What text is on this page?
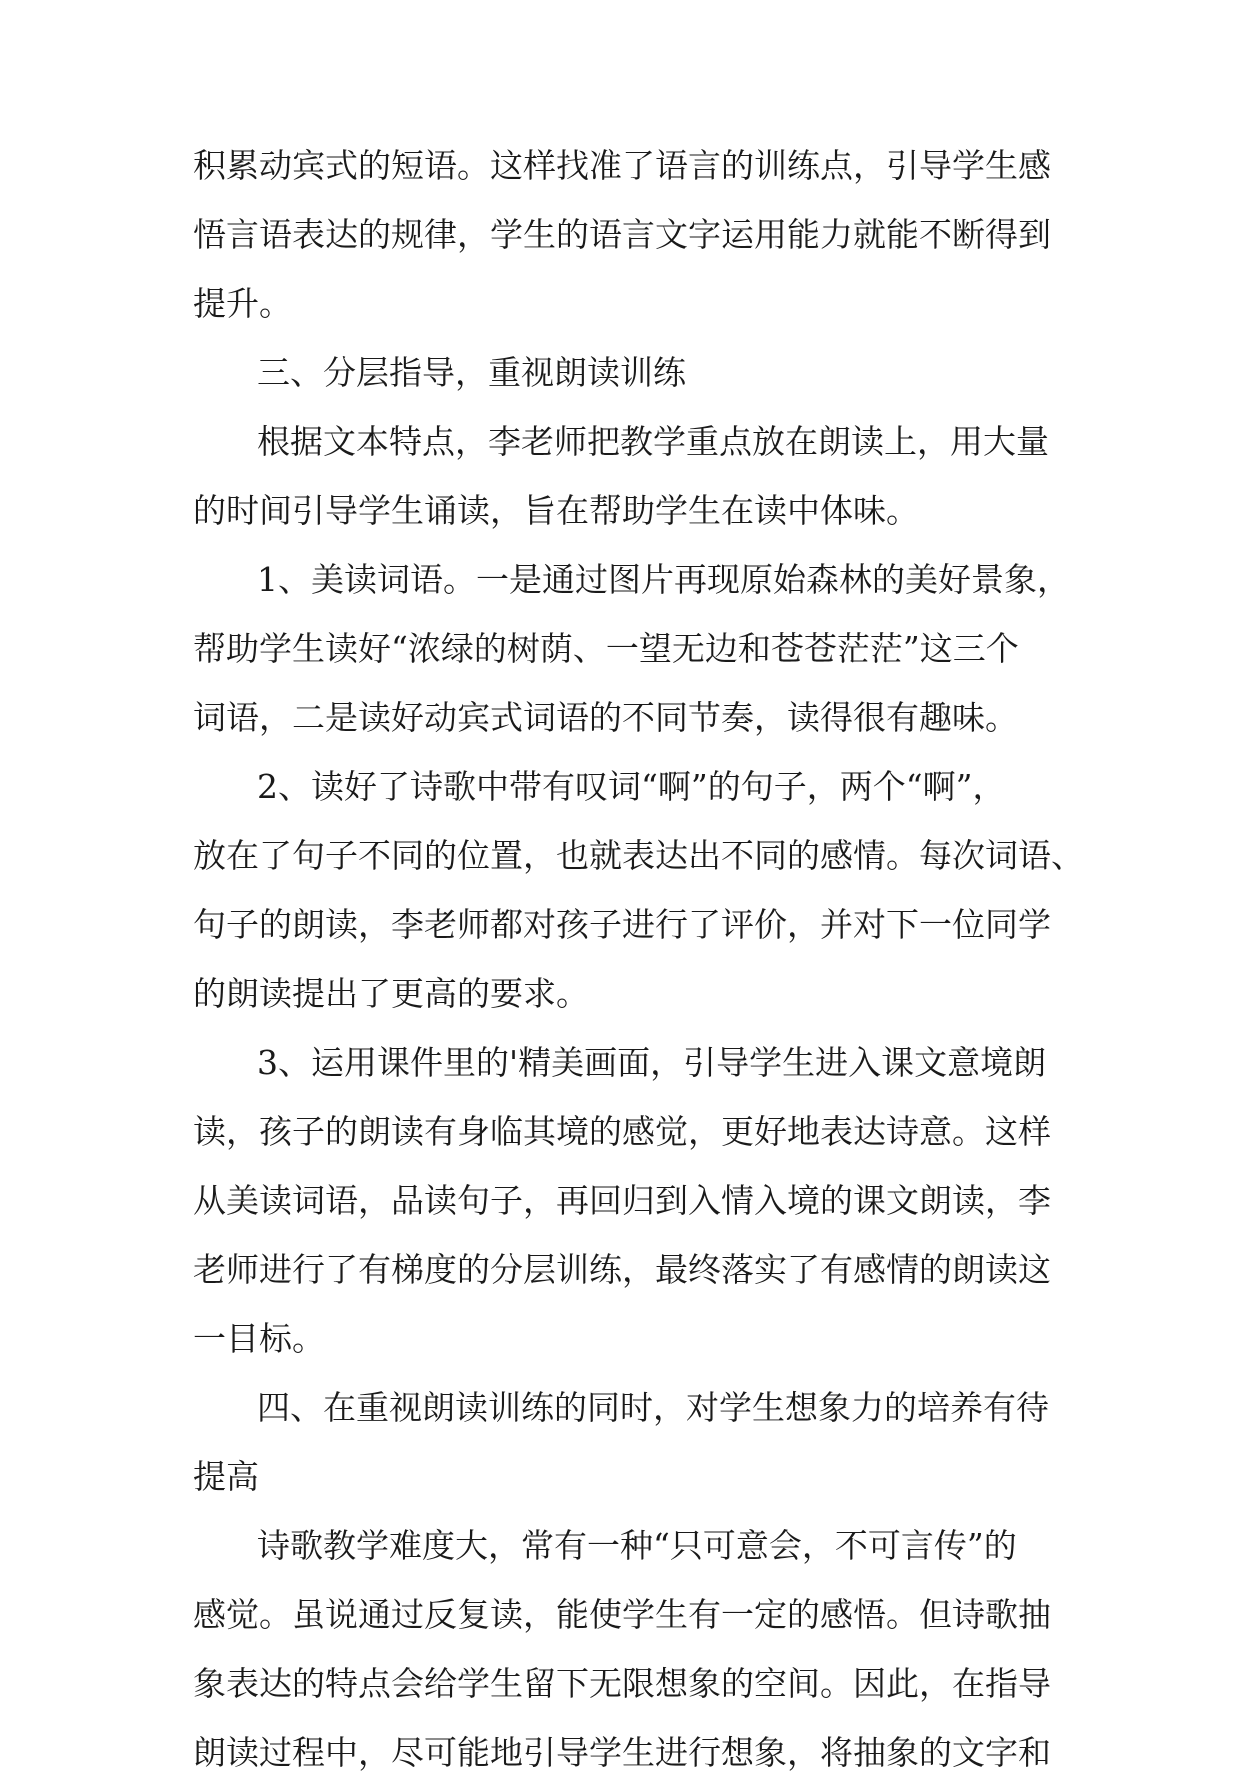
积累动宾式的短语。这样找准了语言的训练点，引导学生感
悟言语表达的规律，学生的语言文字运用能力就能不断得到
提升。
三、分层指导，重视朗读训练
根据文本特点，李老师把教学重点放在朗读上，用大量
的时间引导学生诵读，旨在帮助学生在读中体味。
1、美读词语。一是通过图片再现原始森林的美好景象，
帮助学生读好“浓绿的树荫、一望无边和苍苍茫茫”这三个
词语，二是读好动宾式词语的不同节奏，读得很有趣味。
2、读好了诗歌中带有叹词“啊”的句子，两个“啊”，
放在了句子不同的位置，也就表达出不同的感情。每次词语、
句子的朗读，李老师都对孩子进行了评价，并对下一位同学
的朗读提出了更高的要求。
3、运用课件里的'精美画面，引导学生进入课文意境朗
读，孩子的朗读有身临其境的感觉，更好地表达诗意。这样
从美读词语，品读句子，再回归到入情入境的课文朗读，李
老师进行了有梯度的分层训练，最终落实了有感情的朗读这
一目标。
四、在重视朗读训练的同时，对学生想象力的培养有待
提高
诗歌教学难度大，常有一种“只可意会，不可言传”的
感觉。虽说通过反复读，能使学生有一定的感悟。但诗歌抽
象表达的特点会给学生留下无限想象的空间。因此，在指导
朗读过程中，尽可能地引导学生进行想象，将抽象的文字和
